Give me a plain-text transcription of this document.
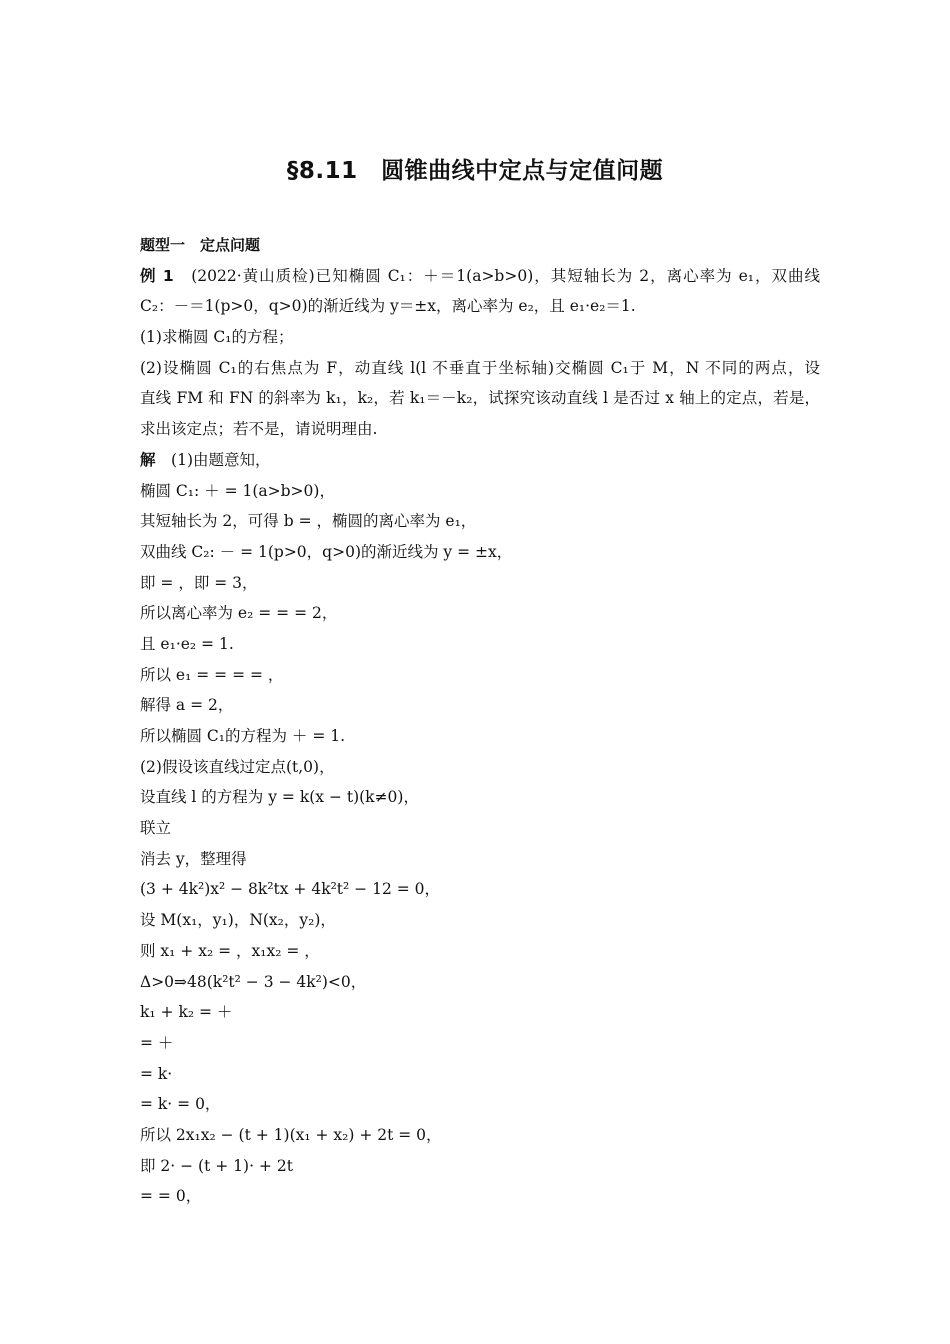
§8.11　圆锥曲线中定点与定值问题
题型一　定点问题
例 1　 (2022·黄山质检)已知椭圆 C₁：＋＝1(a>b>0)，其短轴长为 2，离心率为 e₁，双曲线
C₂：－＝1(p>0，q>0)的渐近线为 y＝±x，离心率为 e₂，且 e₁·e₂＝1.
(1)求椭圆 C₁的方程；
(2)设椭圆 C₁的右焦点为 F，动直线 l(l 不垂直于坐标轴)交椭圆 C₁于 M，N 不同的两点，设
直线 FM 和 FN 的斜率为 k₁，k₂，若 k₁＝－k₂，试探究该动直线 l 是否过 x 轴上的定点，若是，
求出该定点；若不是，请说明理由.
解　 (1)由题意知，
椭圆 C₁: ＋ = 1(a>b>0)，
其短轴长为 2，可得 b = ，椭圆的离心率为 e₁，
双曲线 C₂: － = 1(p>0，q>0)的渐近线为 y = ±x，
即 = ，即 = 3，
所以离心率为 e₂ = = = 2，
且 e₁·e₂ = 1.
所以 e₁ = = = = ，
解得 a = 2，
所以椭圆 C₁的方程为 ＋ = 1.
(2)假设该直线过定点(t,0)，
设直线 l 的方程为 y = k(x − t)(k≠0)，
联立
消去 y，整理得
(3 + 4k²)x² − 8k²tx + 4k²t² − 12 = 0，
设 M(x₁，y₁)，N(x₂，y₂)，
则 x₁ + x₂ = ，x₁x₂ = ，
Δ>0⇒48(k²t² − 3 − 4k²)<0，
k₁ + k₂ = ＋
= ＋
= k·
= k· = 0，
所以 2x₁x₂ − (t + 1)(x₁ + x₂) + 2t = 0，
即 2· − (t + 1)· + 2t
= = 0，
